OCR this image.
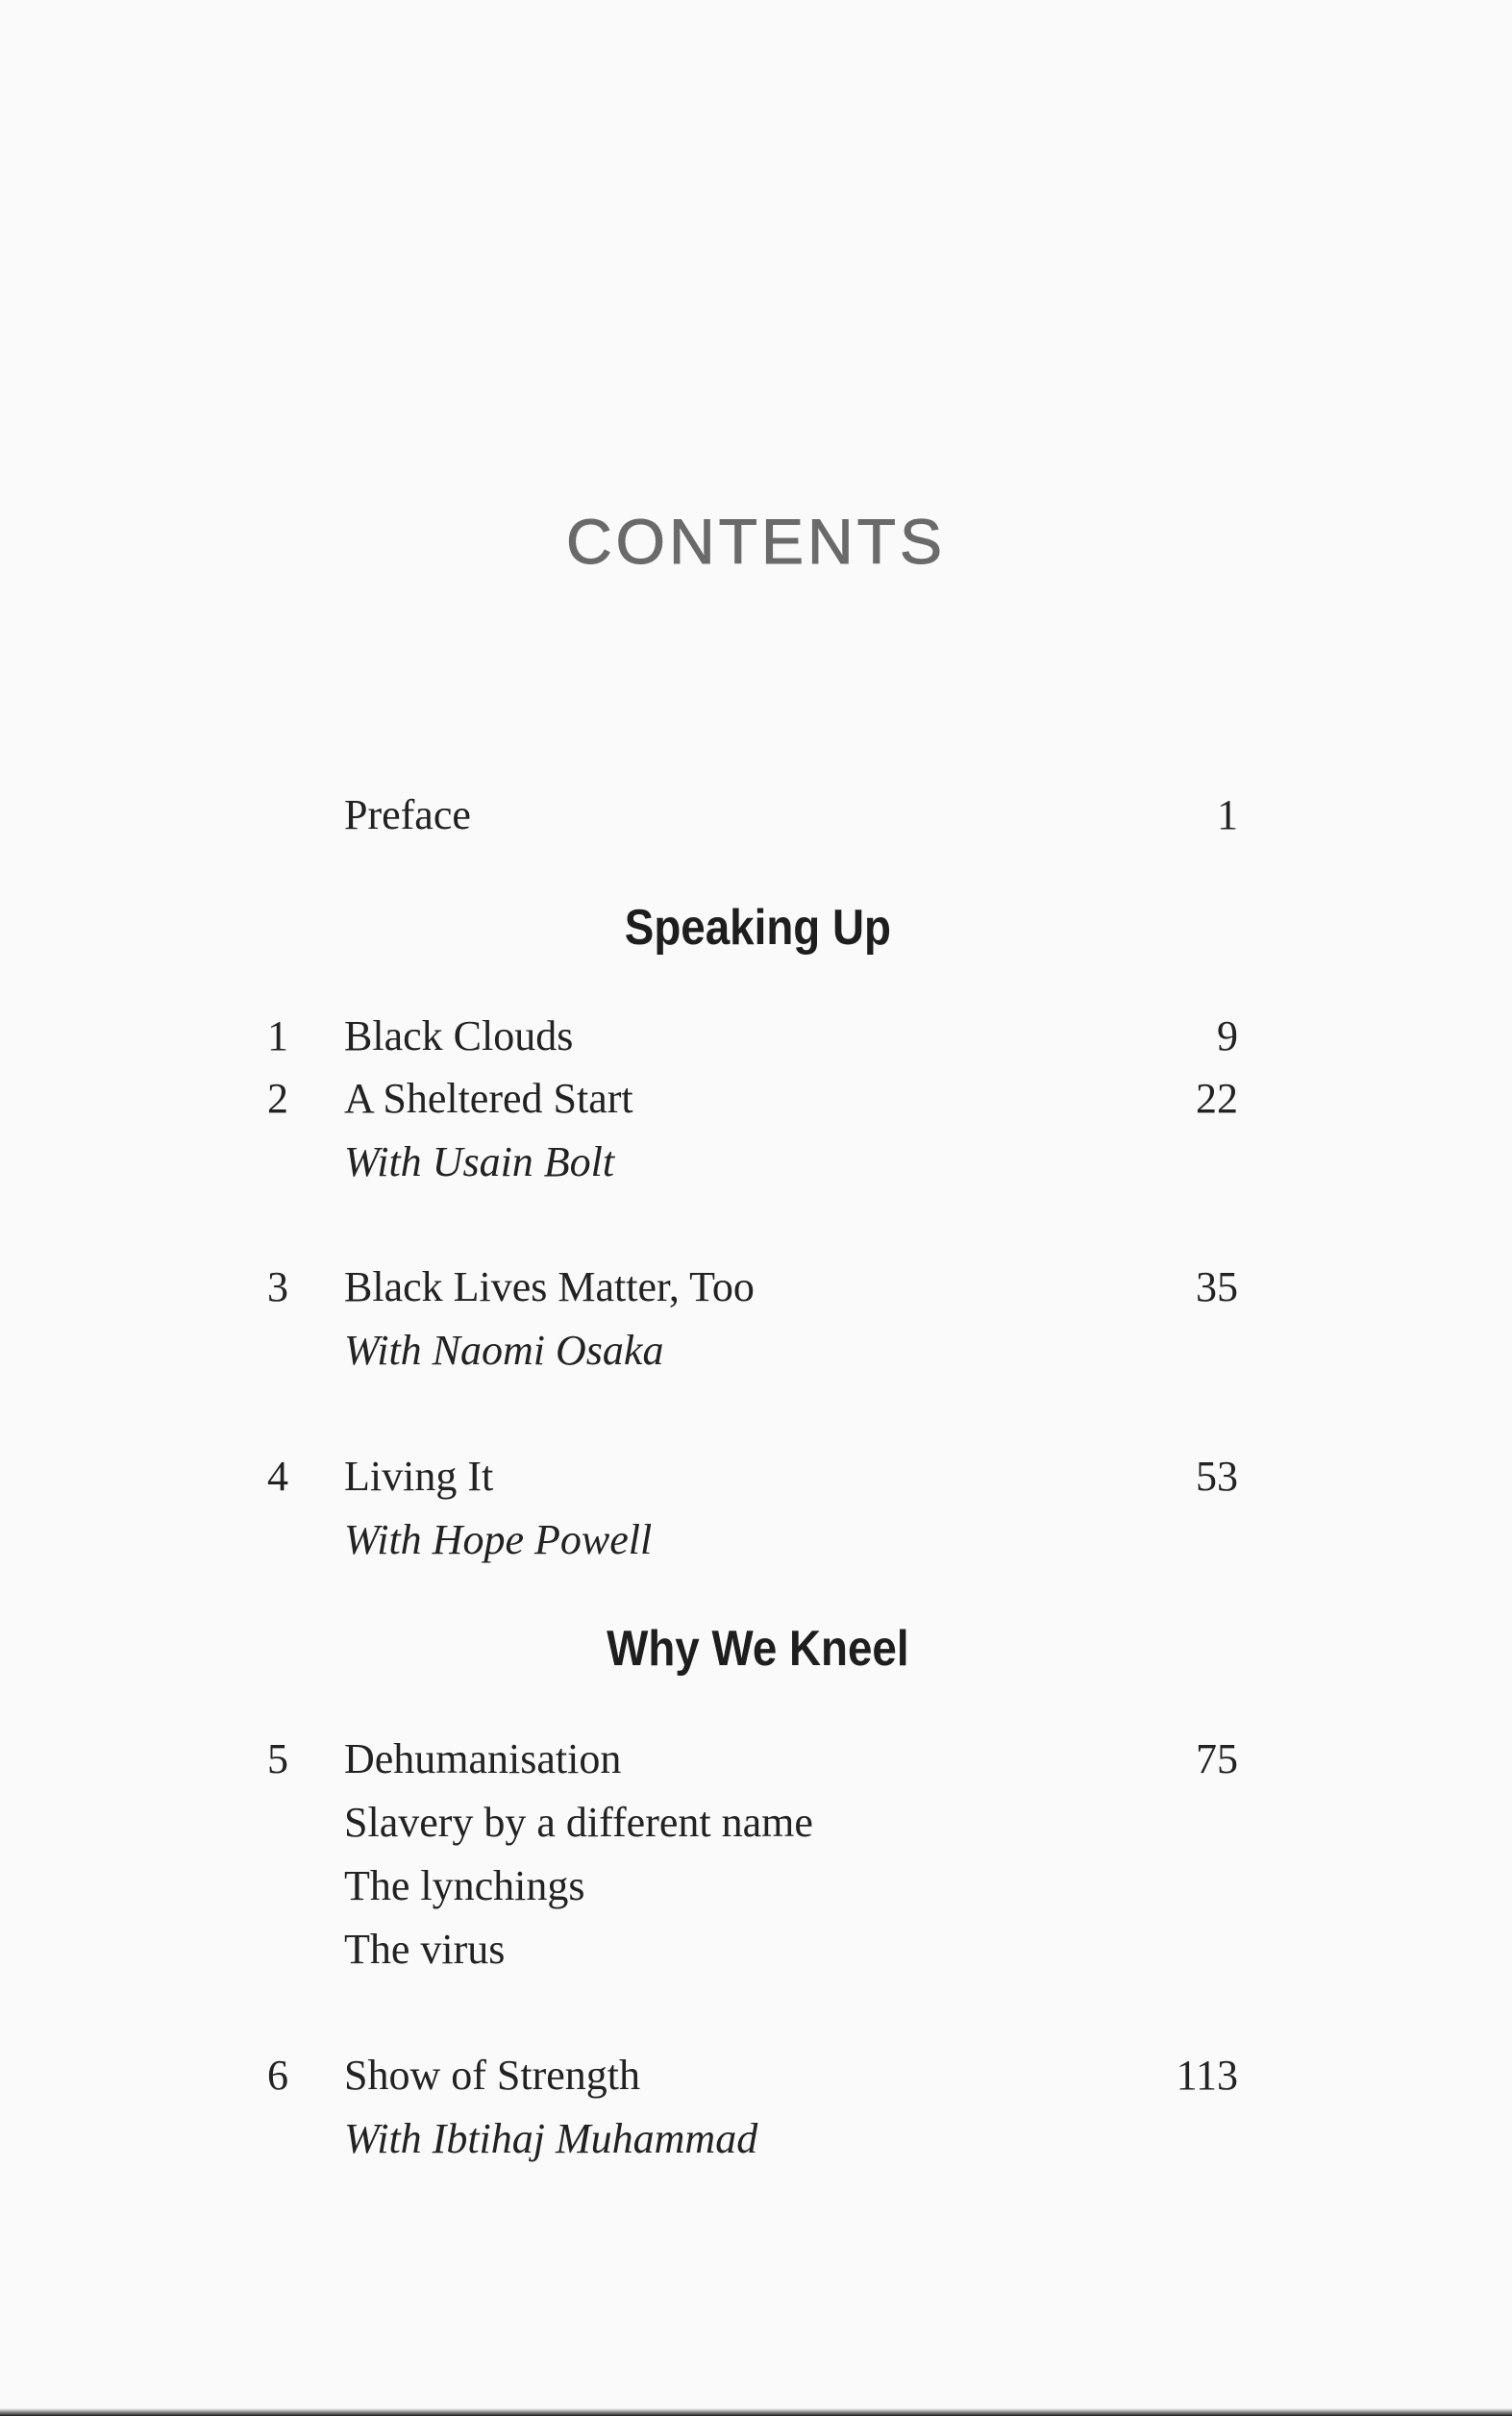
CONTENTS
Preface	1
Speaking Up
1 Black Clouds	9
2 A Sheltered Start	22
With Usain Bolt
3 Black Lives Matter, Too	35
With Naomi Osaka
4 Living It	53
With Hope Powell
Why We Kneel
5 Dehumanisation	75
Slavery by a different name
The lynchings
The virus
6 Show of Strength	113
With Ibtihaj Muhammad
